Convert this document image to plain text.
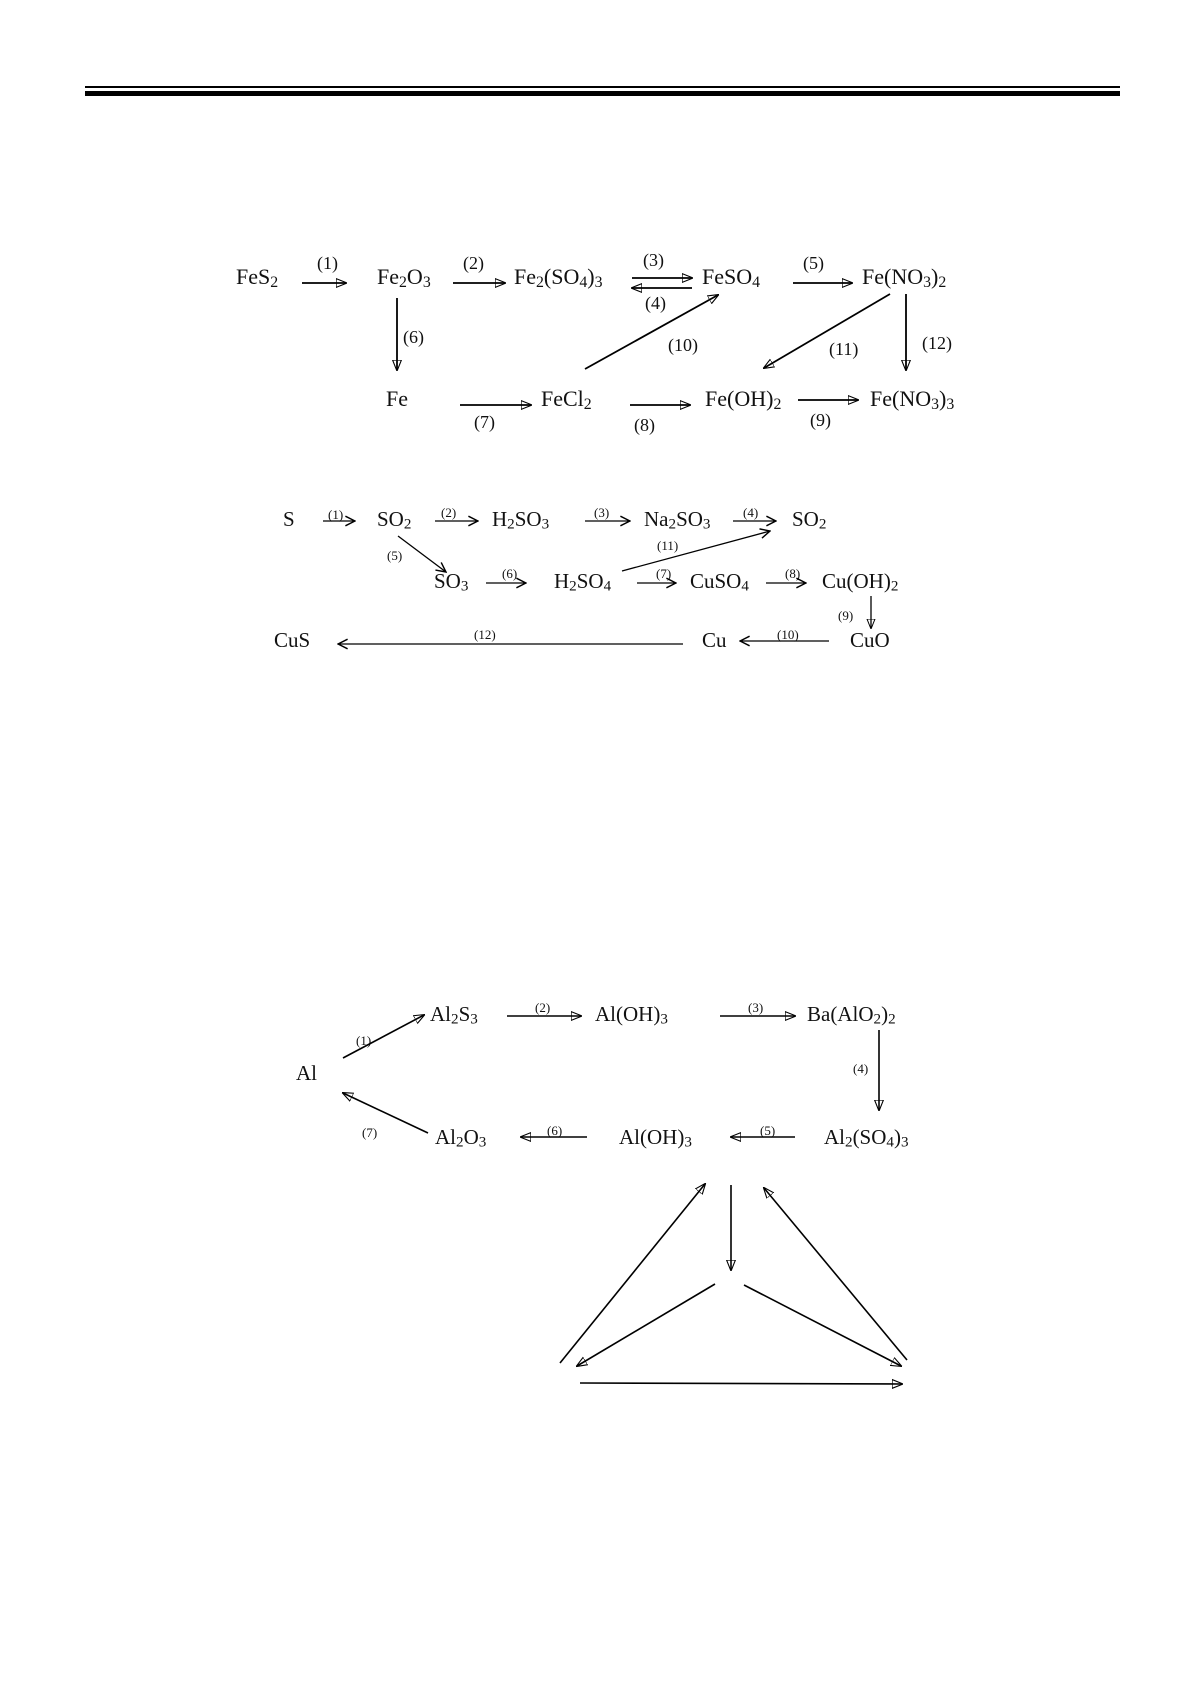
FeS$_2$	$Fe_2O_3$	$Fe_2(SO_4)_3$	FeSO$_4$	$Fe(NO_3)_2$
Fe	FeCl$_2$	$Fe(OH)_2$	$Fe(NO_3)_3$
(1)	(2)	(3)
(4)
(5)
(6)
(7)	(8)	(9)
(10)	(11)	(12)
S	$SO_2$	$H_2SO_3$	$Na_2SO_3$	$SO_2$
$SO_3$	$H_2SO_4$	CuSO$_4$	$Cu(OH)_2$
CuS	Cu	CuO
(1)	(2)	(3)	(4)
(5)
(6)	(7)	(8)
(9)
(10)
(11)
(12)
Al
$Al_2S_3$	$Al(OH)_3$	$Ba(AlO_2)_2$
$Al_2O_3$	$Al(OH)_3$	$Al_2(SO_4)_3$
(1)
(2)	(3)
(4)
(5)
(6)
(7)
